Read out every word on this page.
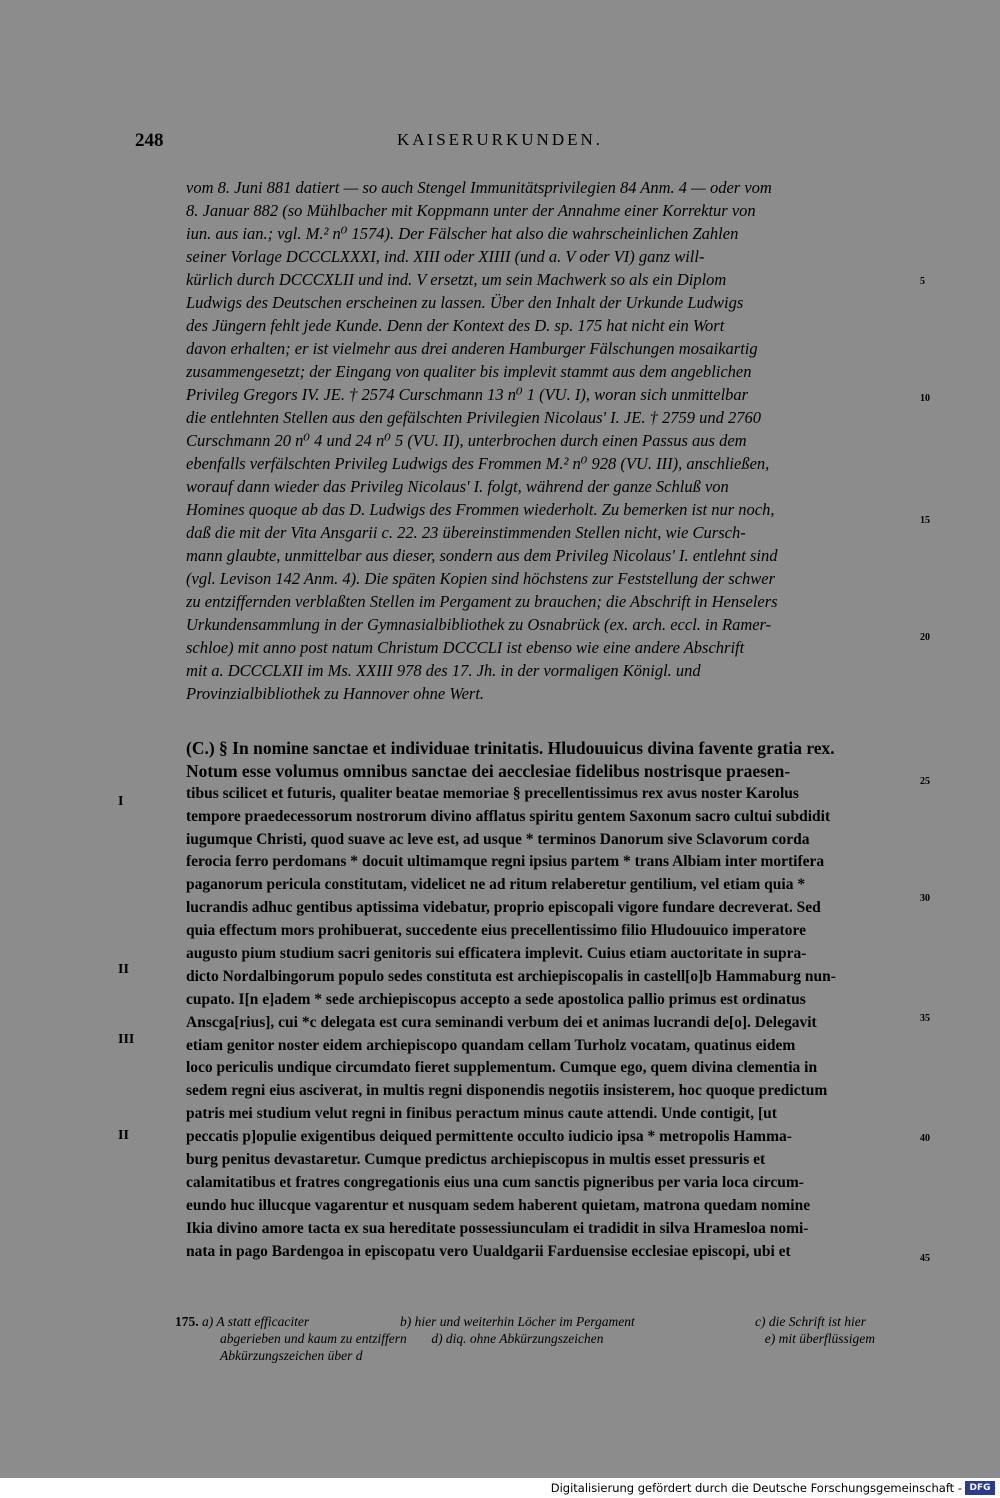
248	KAISERURKUNDEN.
vom 8. Juni 881 datiert — so auch Stengel Immunitätsprivilegien 84 Anm. 4 — oder vom
8. Januar 882 (so Mühlbacher mit Koppmann unter der Annahme einer Korrektur von
iun. aus ian.; vgl. M.² n⁰ 1574). Der Fälscher hat also die wahrscheinlichen Zahlen
seiner Vorlage DCCCLXXXI, ind. XIII oder XIIII (und a. V oder VI) ganz will-
kürlich durch DCCCXLII und ind. V ersetzt, um sein Machwerk so als ein Diplom
Ludwigs des Deutschen erscheinen zu lassen. Über den Inhalt der Urkunde Ludwigs
des Jüngern fehlt jede Kunde. Denn der Kontext des D. sp. 175 hat nicht ein Wort
davon erhalten; er ist vielmehr aus drei anderen Hamburger Fälschungen mosaikartig
zusammengesetzt; der Eingang von qualiter bis implevit stammt aus dem angeblichen
Privileg Gregors IV. JE. † 2574 Curschmann 13 n⁰ 1 (VU. I), woran sich unmittelbar
die entlehnten Stellen aus den gefälschten Privilegien Nicolaus' I. JE. † 2759 und 2760
Curschmann 20 n⁰ 4 und 24 n⁰ 5 (VU. II), unterbrochen durch einen Passus aus dem
ebenfalls verfälschten Privileg Ludwigs des Frommen M.² n⁰ 928 (VU. III), anschließen,
worauf dann wieder das Privileg Nicolaus' I. folgt, während der ganze Schluß von
Homines quoque ab das D. Ludwigs des Frommen wiederholt. Zu bemerken ist nur noch,
daß die mit der Vita Ansgarii c. 22. 23 übereinstimmenden Stellen nicht, wie Cursch-
mann glaubte, unmittelbar aus dieser, sondern aus dem Privileg Nicolaus' I. entlehnt sind
(vgl. Levison 142 Anm. 4). Die späten Kopien sind höchstens zur Feststellung der schwer
zu entziffernden verblaßten Stellen im Pergament zu brauchen; die Abschrift in Henselers
Urkundensammlung in der Gymnasialbibliothek zu Osnabrück (ex. arch. eccl. in Ramer-
schloe) mit anno post natum Christum DCCCLI ist ebenso wie eine andere Abschrift
mit a. DCCCLXII im Ms. XXIII 978 des 17. Jh. in der vormaligen Königl. und
Provinzialbibliothek zu Hannover ohne Wert.
5
10
15
20
(C.) § In nomine sanctae et individuae trinitatis. Hludouuicus divina favente gratia rex.
Notum esse volumus omnibus sanctae dei aecclesiae fidelibus nostrisque praesen-
tibus scilicet et futuris, qualiter beatae memoriae § precellentissimus rex avus noster Karolus
tempore praedecessorum nostrorum divino afflatus spiritu gentem Saxonum sacro cultui subdidit
iugumque Christi, quod suave ac leve est, ad usque * terminos Danorum sive Sclavorum corda
ferocia ferro perdomans * docuit ultimamque regni ipsius partem * trans Albiam inter mortifera
paganorum pericula constitutam, videlicet ne ad ritum relaberetur gentilium, vel etiam quia *
lucrandis adhuc gentibus aptissima videbatur, proprio episcopali vigore fundare decreverat. Sed
quia effectum mors prohibuerat, succedente eius precellentissimo filio Hludouuico imperatore
augusto pium studium sacri genitoris sui efficatera implevit. Cuius etiam auctoritate in supra-
dicto Nordalbingorum populo sedes constituta est archiepiscopalis in castell[o]b Hammaburg nun-
cupato. I[n e]adem * sede archiepiscopus accepto a sede apostolica pallio primus est ordinatus
Anscga[rius], cui *c delegata est cura seminandi verbum dei et animas lucrandi de[o]. Delegavit
etiam genitor noster eidem archiepiscopo quandam cellam Turholz vocatam, quatinus eidem
loco periculis undique circumdato fieret supplementum. Cumque ego, quem divina clementia in
sedem regni eius asciverat, in multis regni disponendis negotiis insisterem, hoc quoque predictum
patris mei studium velut regni in finibus peractum minus caute attendi. Unde contigit, [ut
peccatis p]opulie exigentibus deiqued permittente occulto iudicio ipsa * metropolis Hamma-
burg penitus devastaretur. Cumque predictus archiepiscopus in multis esset pressuris et
calamitatibus et fratres congregationis eius una cum sanctis pigneribus per varia loca circum-
eundo huc illucque vagarentur et nusquam sedem haberent quietam, matrona quedam nomine
Ikia divino amore tacta ex sua hereditate possessiunculam ei tradidit in silva Hramesloa nomi-
nata in pago Bardengoa in episcopatu vero Uualdgarii Farduensise ecclesiae episcopi, ubi et
25
30
35
40
45
I
II
III
II
175. a) A statt efficaciter	b) hier und weiterhin Löcher im Pergament	c) die Schrift ist hier
abgerieben und kaum zu entziffern	d) diq. ohne Abkürzungszeichen	e) mit überflüssigem
Abkürzungszeichen über d
Digitalisierung gefördert durch die Deutsche Forschungsgemeinschaft - DFG
